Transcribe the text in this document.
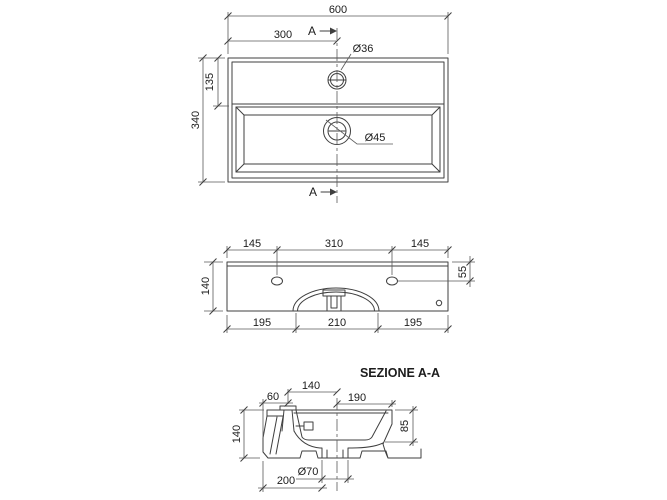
600
300
135
340
Ø36
Ø45
A
A
145	310	145
140
55
195	210	195
SEZIONE A-A
60
140
190
140	85
Ø70
200
